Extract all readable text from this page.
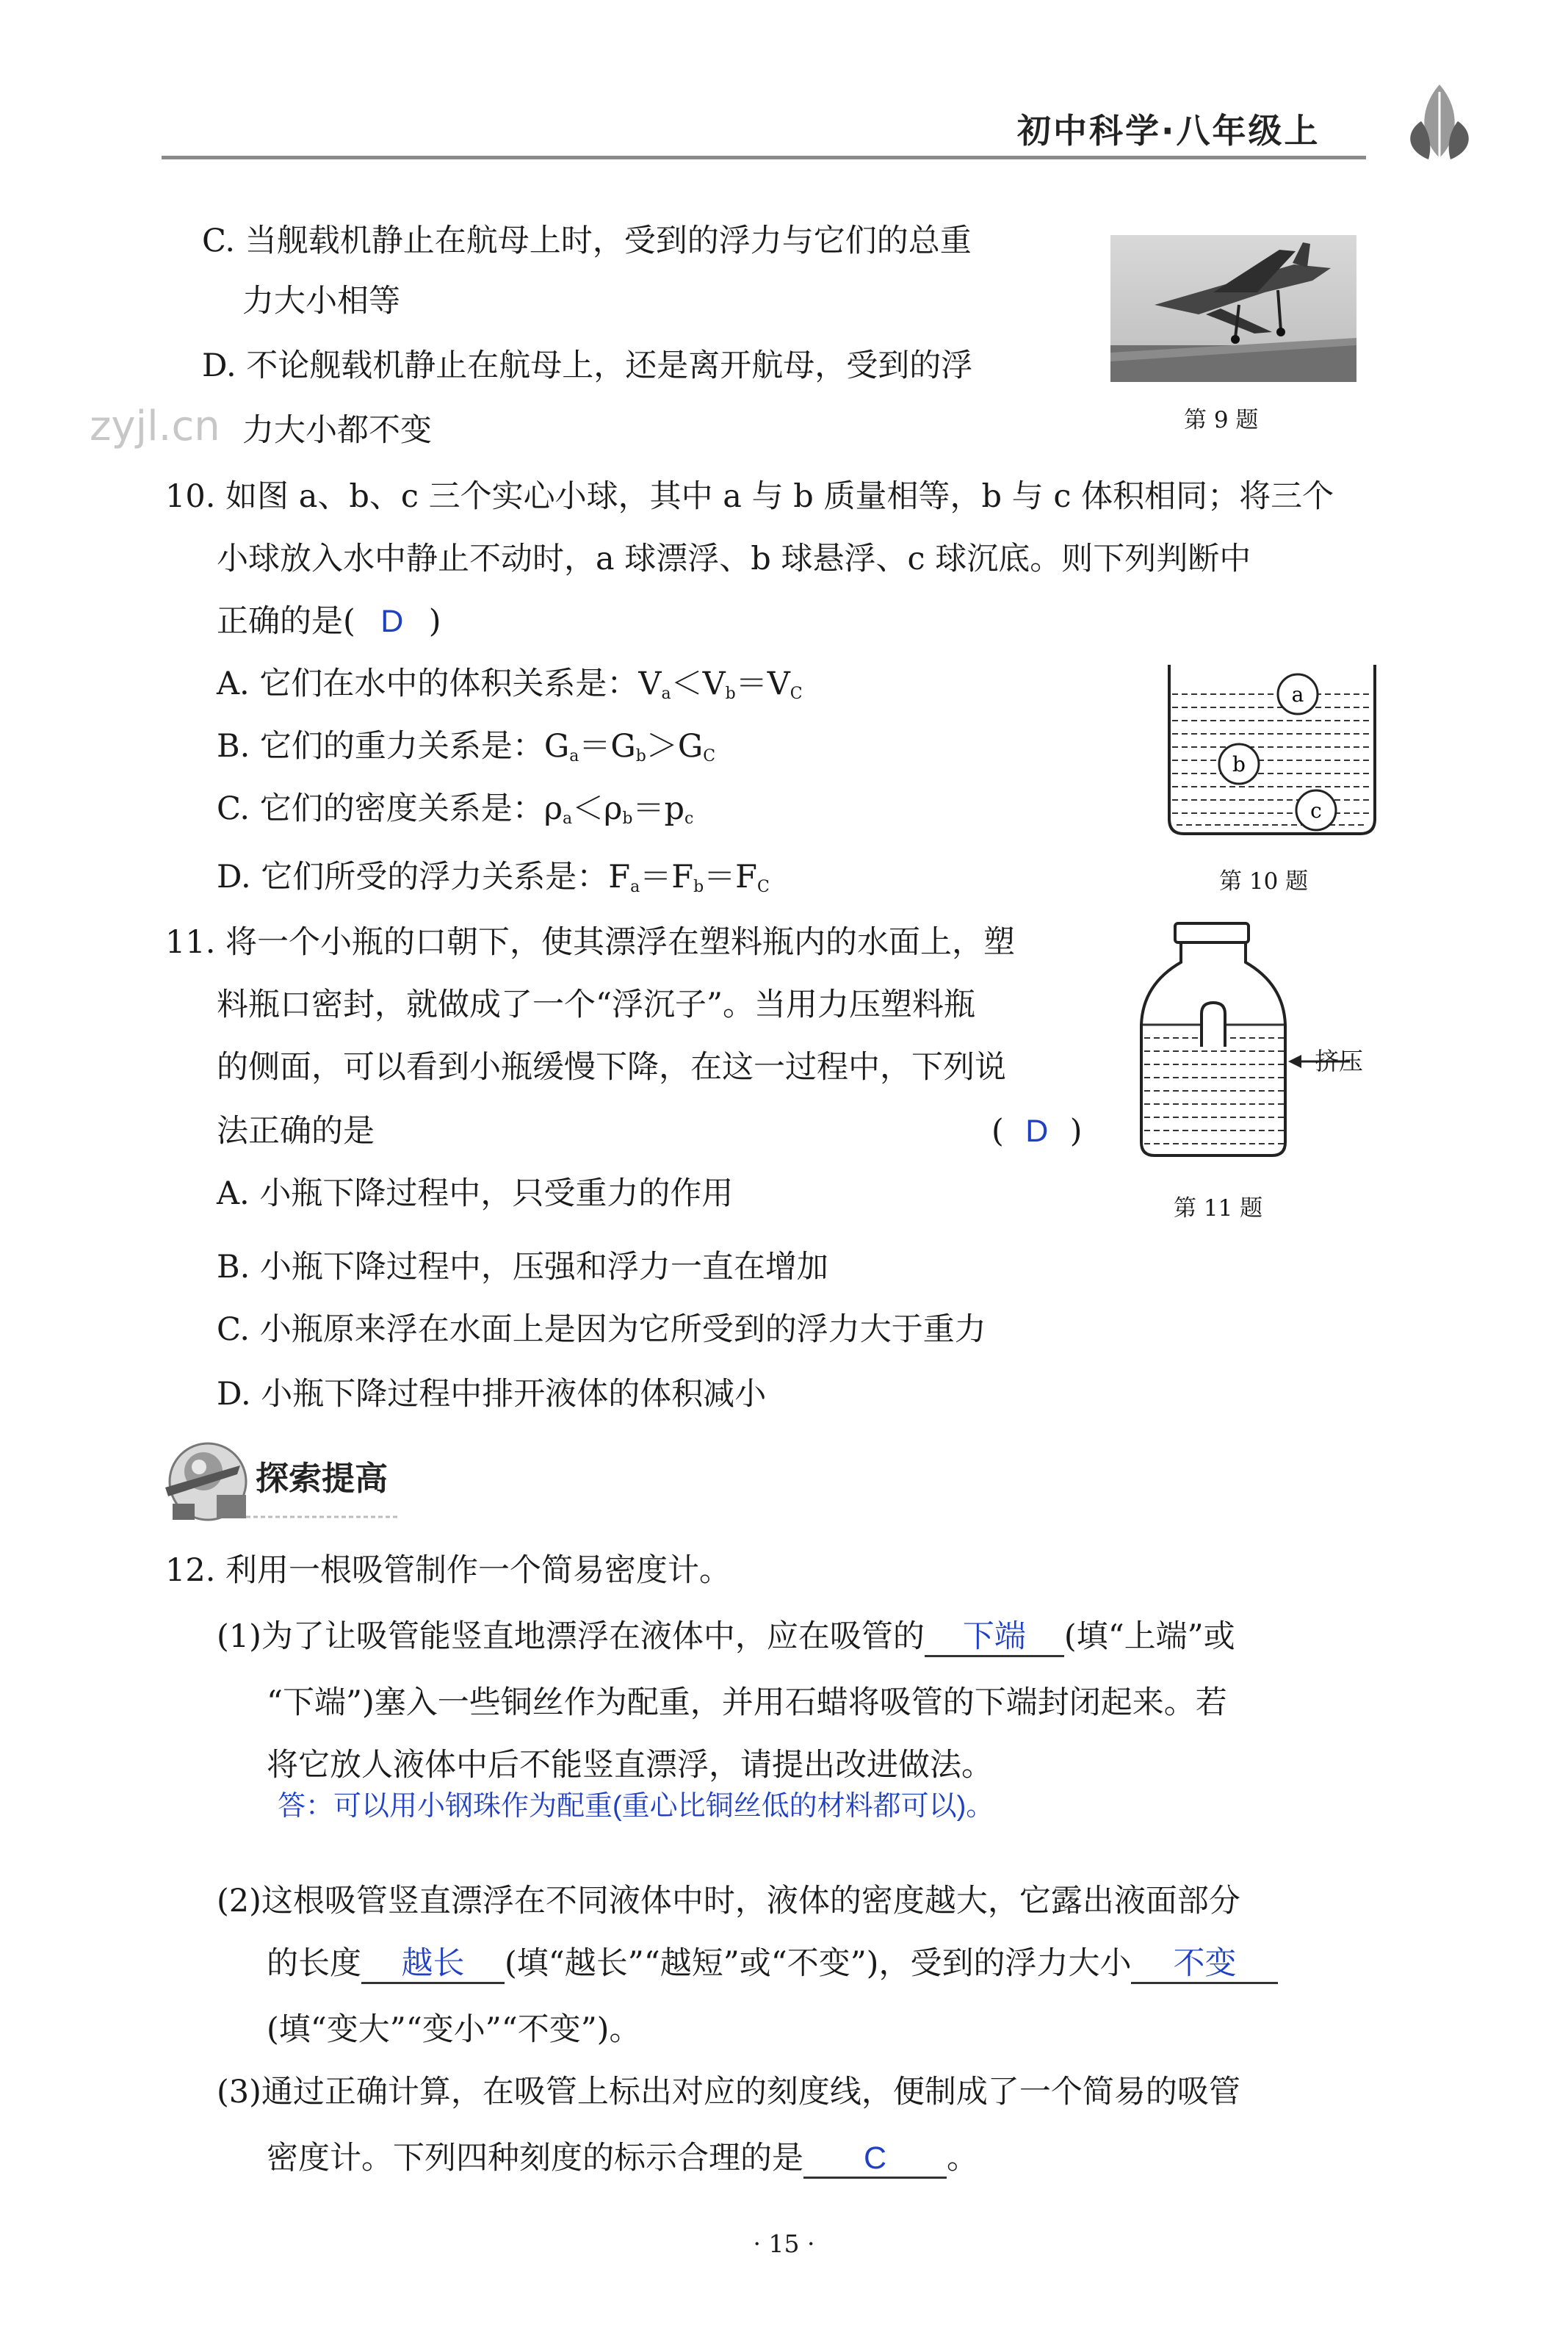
初中科学·八年级上
zyjl.cn
C. 当舰载机静止在航母上时，受到的浮力与它们的总重
力大小相等
D. 不论舰载机静止在航母上，还是离开航母，受到的浮
力大小都不变	第 9 题
10. 如图 a、b、c 三个实心小球，其中 a 与 b 质量相等，b 与 c 体积相同；将三个
小球放入水中静止不动时，a 球漂浮、b 球悬浮、c 球沉底。则下列判断中
正确的是( D )
A. 它们在水中的体积关系是：$V_a<V_b=V_C$
B. 它们的重力关系是：$G_a=G_b>G_C$
C. 它们的密度关系是：$\rho_a<\rho_b=p_c$
D. 它们所受的浮力关系是：$F_a=F_b=F_C$
a
b
c
第 10 题
11. 将一个小瓶的口朝下，使其漂浮在塑料瓶内的水面上，塑
料瓶口密封，就做成了一个“浮沉子”。当用力压塑料瓶
的侧面，可以看到小瓶缓慢下降，在这一过程中，下列说
法正确的是	( D )
A. 小瓶下降过程中，只受重力的作用
B. 小瓶下降过程中，压强和浮力一直在增加
C. 小瓶原来浮在水面上是因为它所受到的浮力大于重力
D. 小瓶下降过程中排开液体的体积减小
挤压
第 11 题
探索提高
12. 利用一根吸管制作一个简易密度计。
(1)为了让吸管能竖直地漂浮在液体中，应在吸管的 下端 (填“上端”或
“下端”)塞入一些铜丝作为配重，并用石蜡将吸管的下端封闭起来。若
将它放人液体中后不能竖直漂浮，请提出改进做法。
答：可以用小钢珠作为配重(重心比铜丝低的材料都可以)。
(2)这根吸管竖直漂浮在不同液体中时，液体的密度越大，它露出液面部分
的长度 越长 (填“越长”“越短”或“不变”)，受到的浮力大小 不变
(填“变大”“变小”“不变”)。
(3)通过正确计算，在吸管上标出对应的刻度线，便制成了一个简易的吸管
密度计。下列四种刻度的标示合理的是 C 。
· 15 ·
